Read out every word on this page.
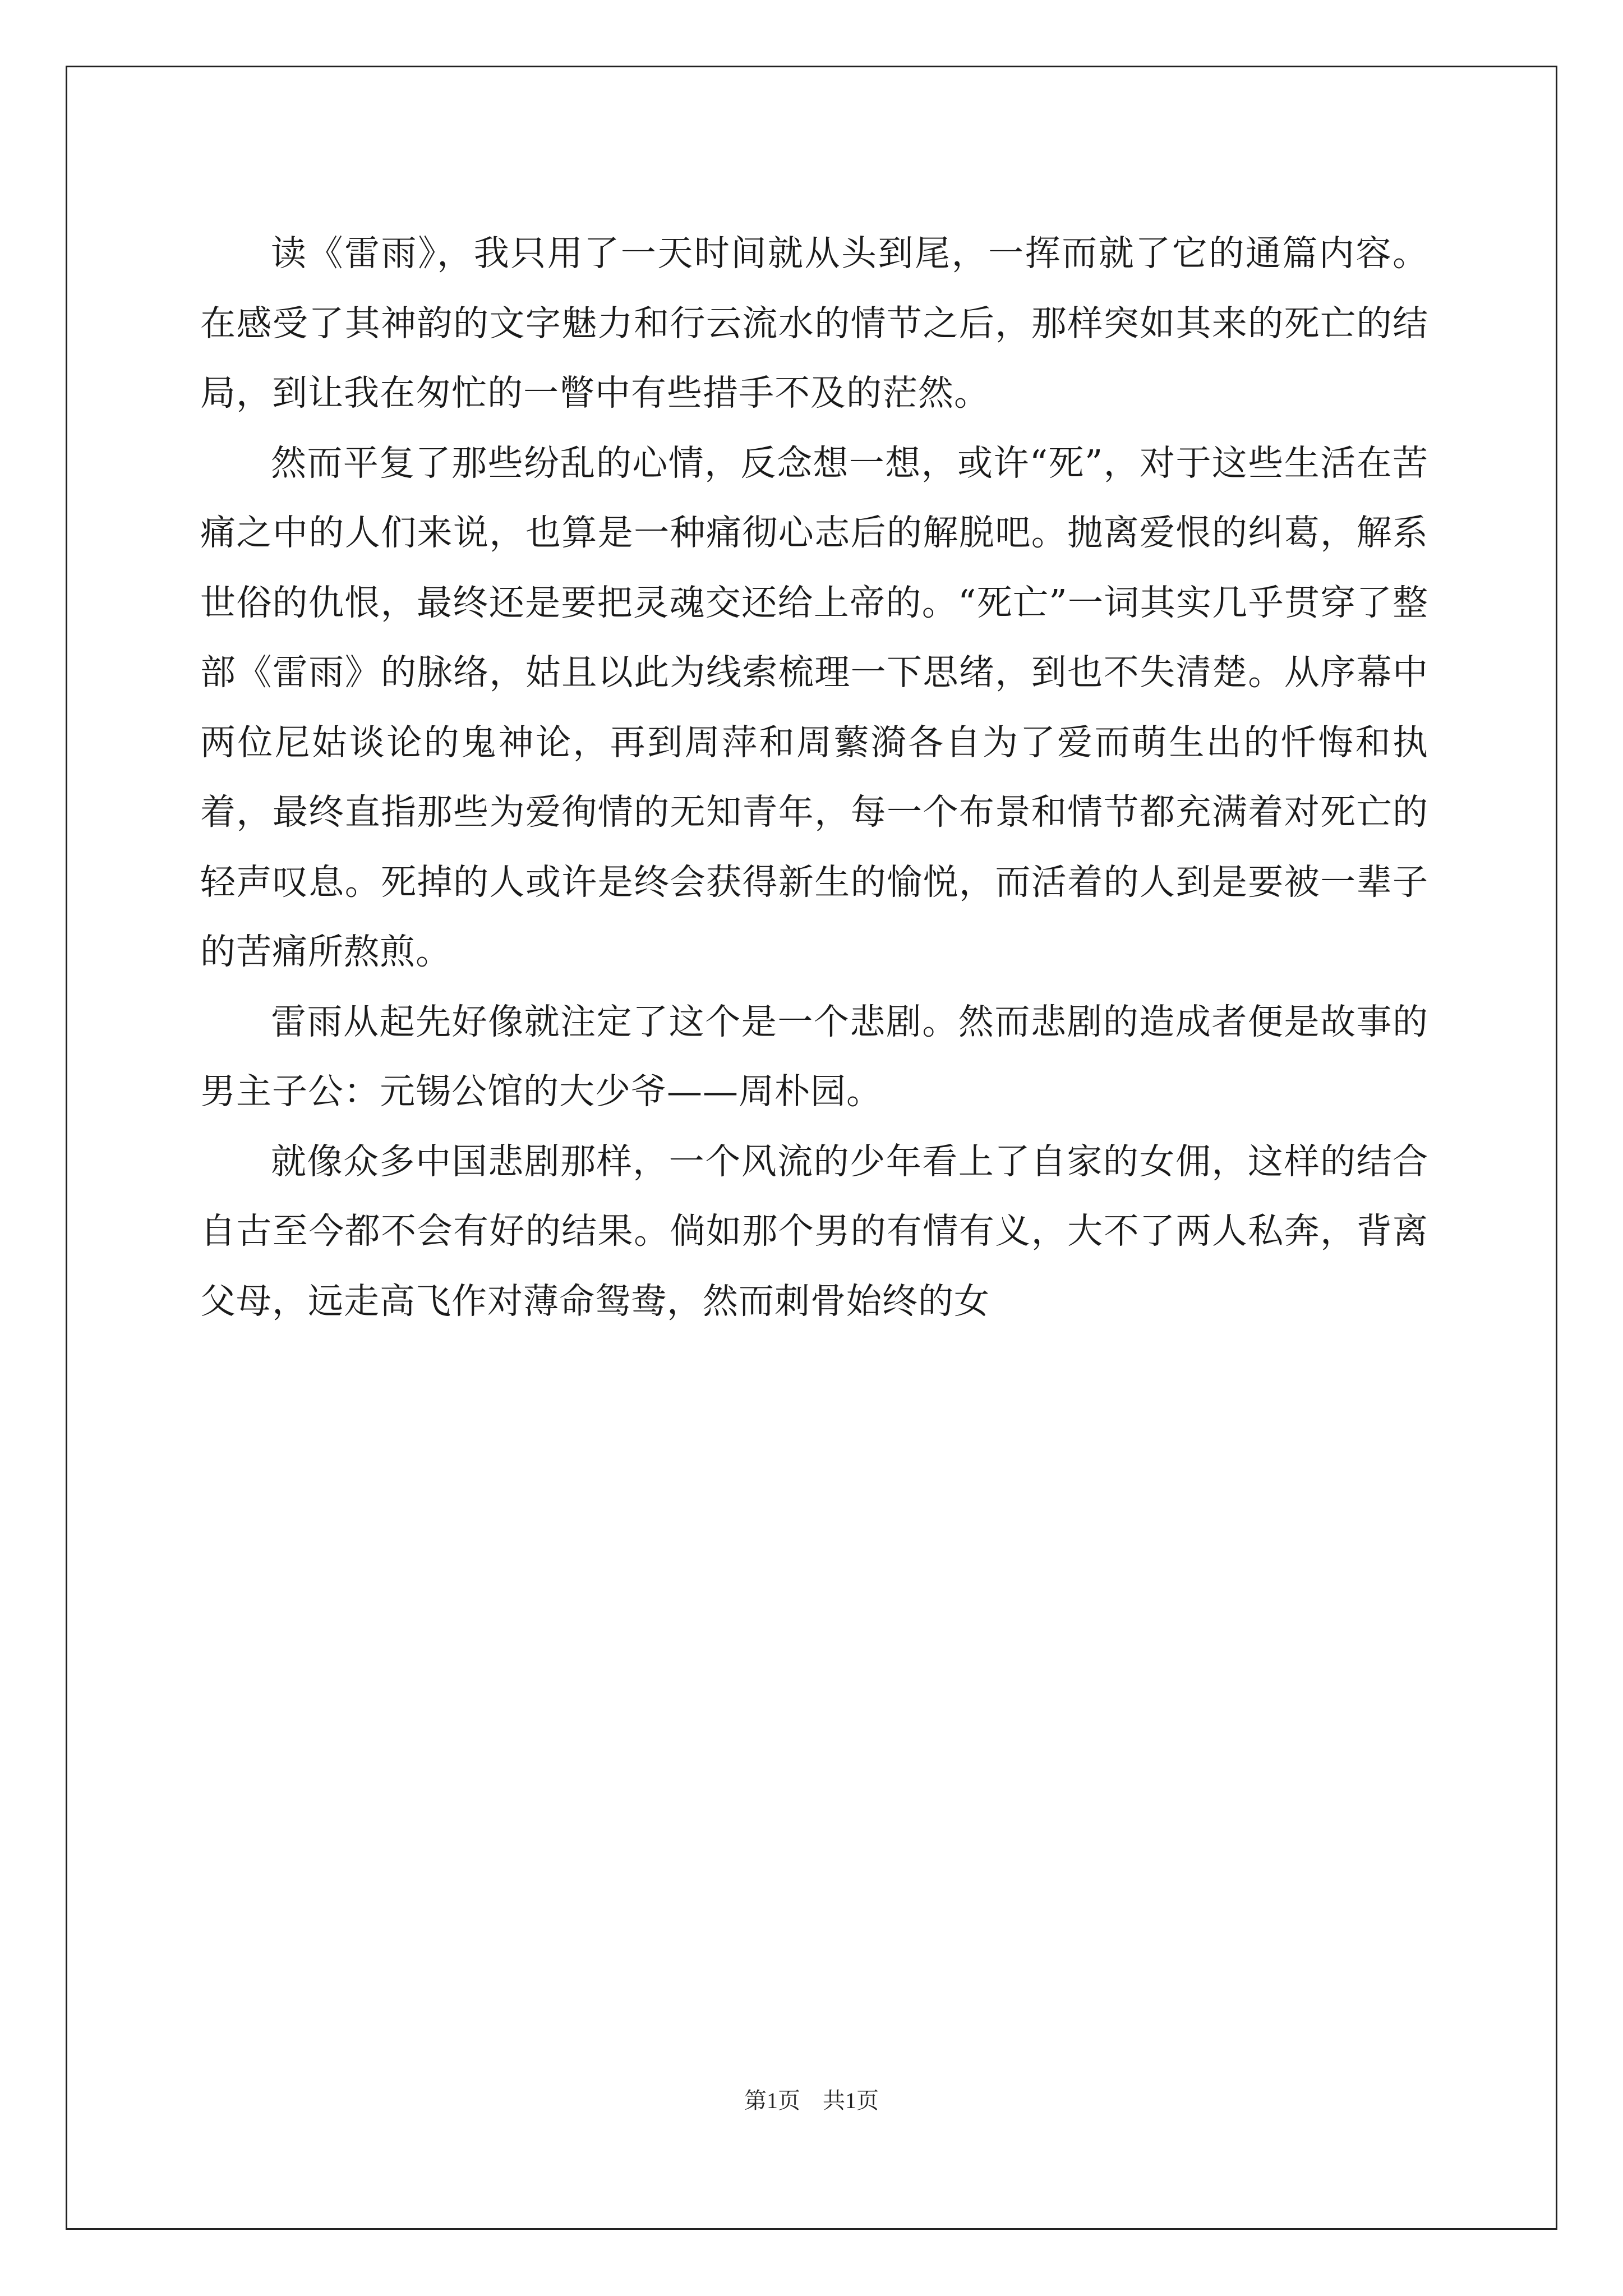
读《雷雨》，我只用了一天时间就从头到尾，一挥而就了它的通篇内容。在感受了其神韵的文字魅力和行云流水的情节之后，那样突如其来的死亡的结局，到让我在匆忙的一瞥中有些措手不及的茫然。

然而平复了那些纷乱的心情，反念想一想，或许“死”，对于这些生活在苦痛之中的人们来说，也算是一种痛彻心志后的解脱吧。抛离爱恨的纠葛，解系世俗的仇恨，最终还是要把灵魂交还给上帝的。“死亡”一词其实几乎贯穿了整部《雷雨》的脉络，姑且以此为线索梳理一下思绪，到也不失清楚。从序幕中两位尼姑谈论的鬼神论，再到周萍和周蘩漪各自为了爱而萌生出的忏悔和执着，最终直指那些为爱徇情的无知青年，每一个布景和情节都充满着对死亡的轻声叹息。死掉的人或许是终会获得新生的愉悦，而活着的人到是要被一辈子的苦痛所熬煎。

雷雨从起先好像就注定了这个是一个悲剧。然而悲剧的造成者便是故事的男主子公：元锡公馆的大少爷——周朴园。

就像众多中国悲剧那样，一个风流的少年看上了自家的女佣，这样的结合自古至今都不会有好的结果。倘如那个男的有情有义，大不了两人私奔，背离父母，远走高飞作对薄命鸳鸯，然而刺骨始终的女

第1页　共1页
